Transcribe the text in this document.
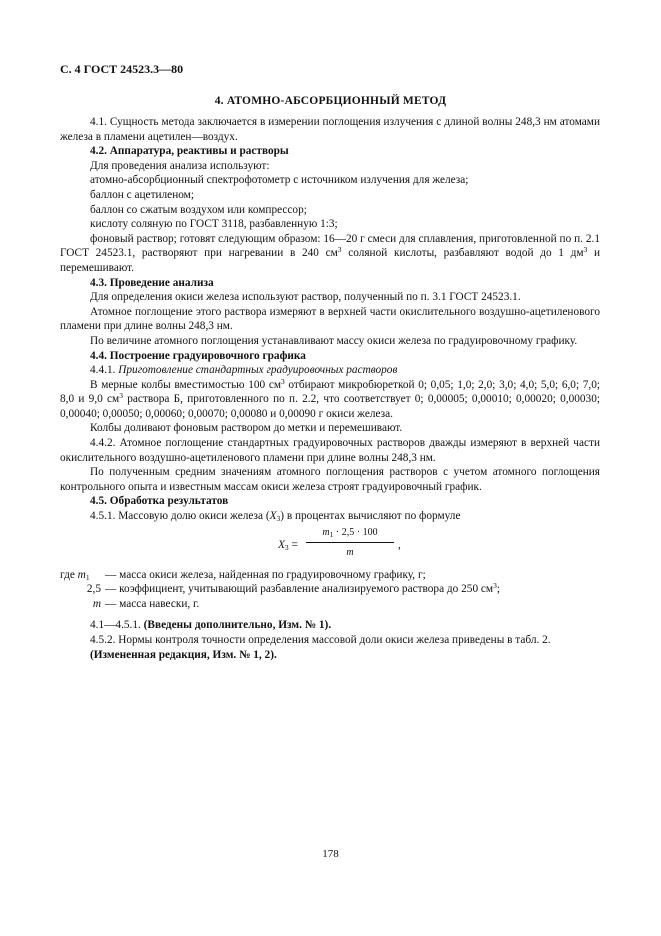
С. 4 ГОСТ 24523.3—80
4. АТОМНО-АБСОРБЦИОННЫЙ МЕТОД

4.1. Сущность метода заключается в измерении поглощения излучения с длиной волны 248,3 нм атомами железа в пламени ацетилен—воздух.

4.2. Аппаратура, реактивы и растворы

Для проведения анализа используют:

атомно-абсорбционный спектрофотометр с источником излучения для железа;

баллон с ацетиленом;

баллон со сжатым воздухом или компрессор;

кислоту соляную по ГОСТ 3118, разбавленную 1:3;

фоновый раствор; готовят следующим образом: 16—20 г смеси для сплавления, приготовленной по п. 2.1 ГОСТ 24523.1, растворяют при нагревании в 240 $см^3$ соляной кислоты, разбавляют водой до 1 $дм^3$ и перемешивают.

4.3. Проведение анализа

Для определения окиси железа используют раствор, полученный по п. 3.1 ГОСТ 24523.1.

Атомное поглощение этого раствора измеряют в верхней части окислительного воздушно-ацетиленового пламени при длине волны 248,3 нм.

По величине атомного поглощения устанавливают массу окиси железа по градуировочному графику.

4.4. Построение градуировочного графика

4.4.1. Приготовление стандартных градуировочных растворов

В мерные колбы вместимостью 100 $см^3$ отбирают микробюреткой 0; 0,05; 1,0; 2,0; 3,0; 4,0; 5,0; 6,0; 7,0; 8,0 и 9,0 $см^3$ раствора Б, приготовленного по п. 2.2, что соответствует 0; 0,00005; 0,00010; 0,00020; 0,00030; 0,00040; 0,00050; 0,00060; 0,00070; 0,00080 и 0,00090 г окиси железа.

Колбы доливают фоновым раствором до метки и перемешивают.

4.4.2. Атомное поглощение стандартных градуировочных растворов дважды измеряют в верхней части окислительного воздушно-ацетиленового пламени при длине волны 248,3 нм.

По полученным средним значениям атомного поглощения растворов с учетом атомного поглощения контрольного опыта и известным массам окиси железа строят градуировочный график.

4.5. Обработка результатов

4.5.1. Массовую долю окиси железа $(X_3)$ в процентах вычисляют по формуле

$X_3 = \frac{m_1 \cdot 2,5 \cdot 100}{m}$ ,
где $m_1$	— масса окиси железа, найденная по градуировочному графику, г;
2,5 — коэффициент, учитывающий разбавление анализируемого раствора до 250 $см^3$;
m — масса навески, г.

4.1—4.5.1. (Введены дополнительно, Изм. № 1).

4.5.2. Нормы контроля точности определения массовой доли окиси железа приведены в табл. 2.

(Измененная редакция, Изм. № 1, 2).

178
